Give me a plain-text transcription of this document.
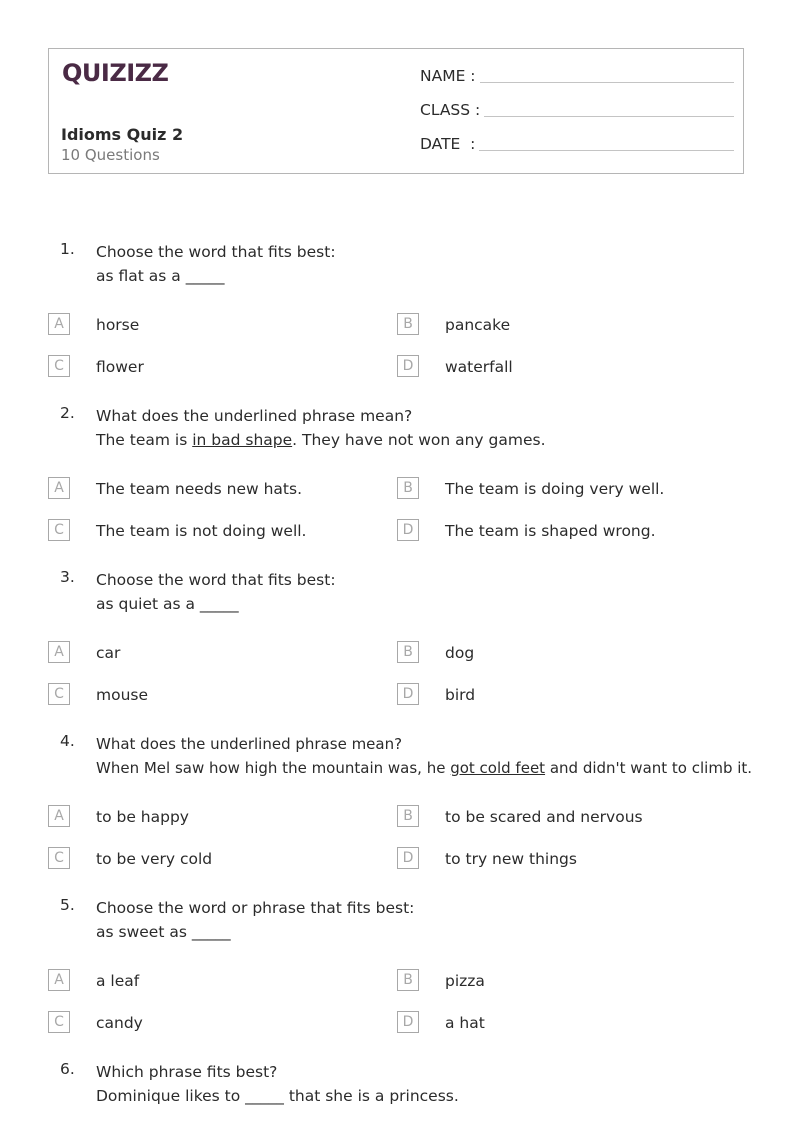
QUIZIZZ
Idioms Quiz 2
10 Questions
NAME :
CLASS :
DATE  :
1. Choose the word that fits best:
as flat as a _____
A	horse	B	pancake
C	flower	D	waterfall
2. What does the underlined phrase mean?
The team is in bad shape. They have not won any games.
A	The team needs new hats.	B	The team is doing very well.
C	The team is not doing well.	D	The team is shaped wrong.
3. Choose the word that fits best:
as quiet as a _____
A	car	B	dog
C	mouse	D	bird
4. What does the underlined phrase mean?
When Mel saw how high the mountain was, he got cold feet and didn't want to climb it.
A	to be happy	B	to be scared and nervous
C	to be very cold	D	to try new things
5. Choose the word or phrase that fits best:
as sweet as _____
A	a leaf	B	pizza
C	candy	D	a hat
6. Which phrase fits best?
Dominique likes to _____ that she is a princess.
